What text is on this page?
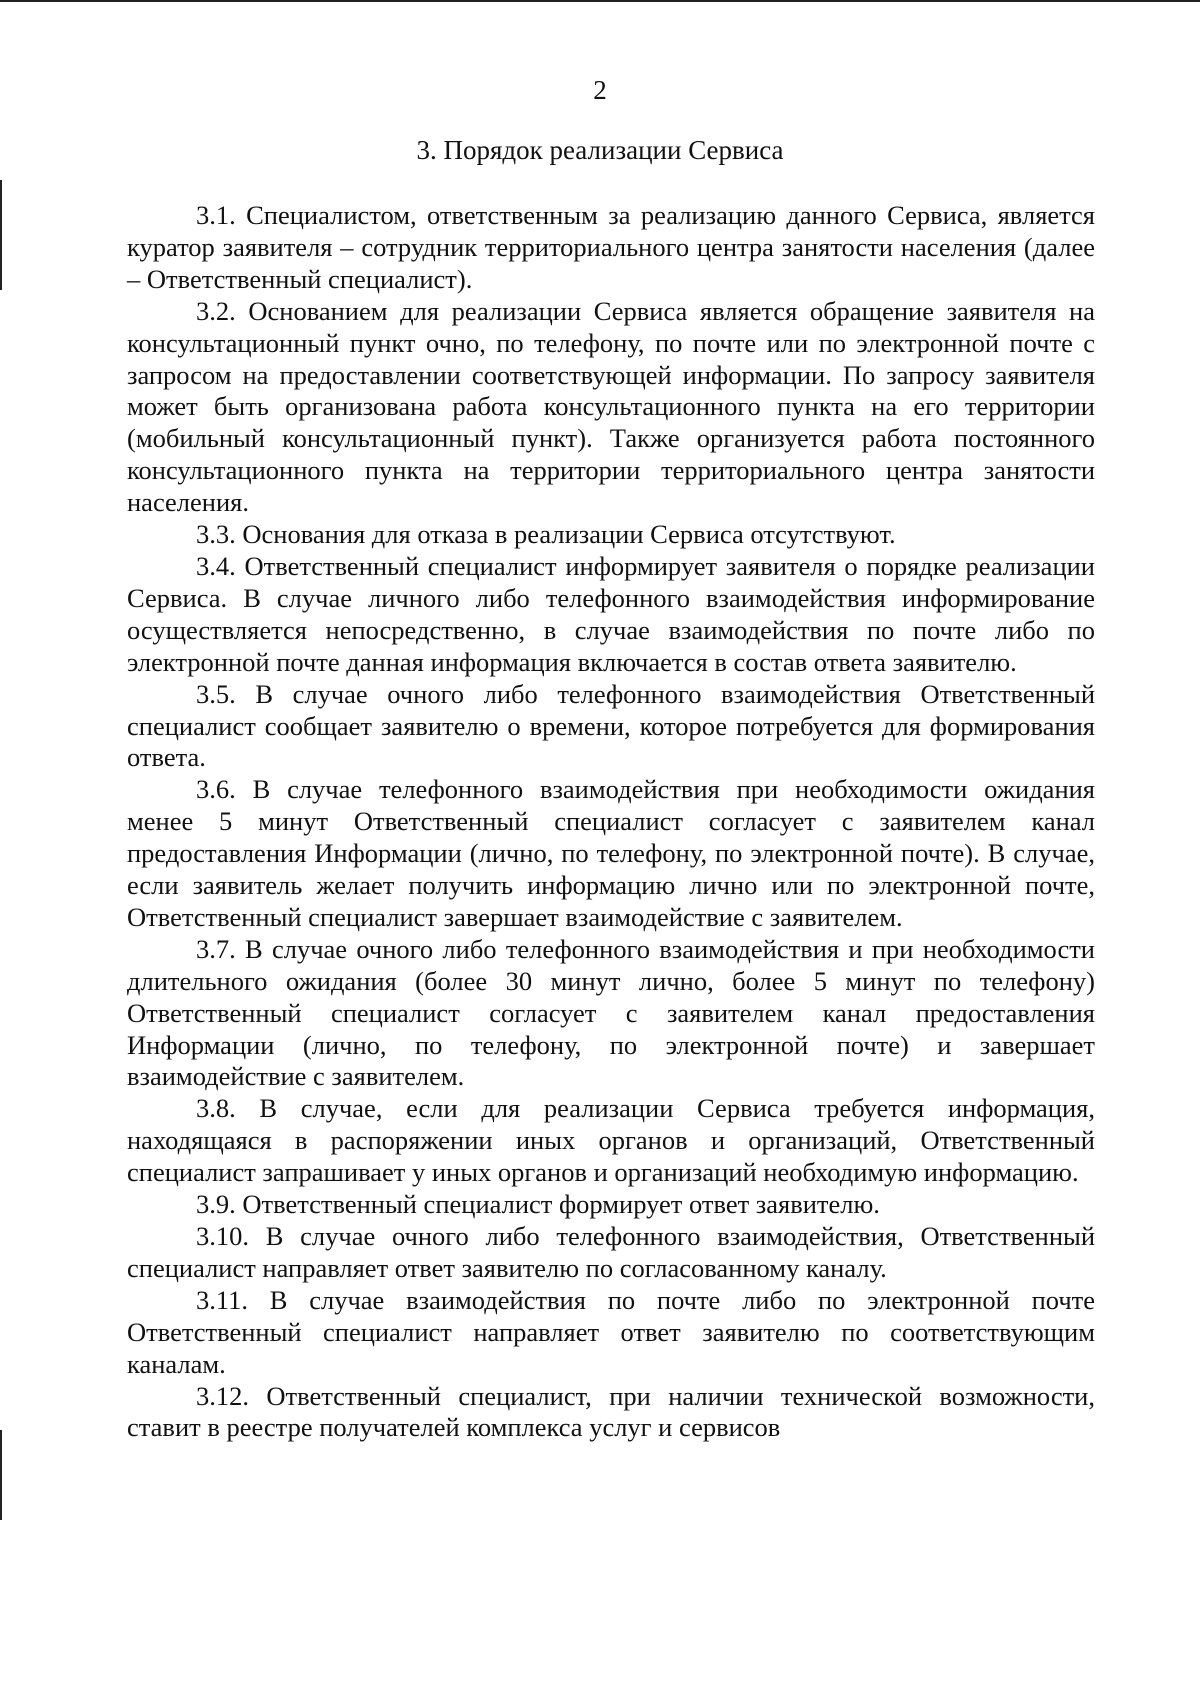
2
3. Порядок реализации Сервиса

3.1. Специалистом, ответственным за реализацию данного Сервиса, является куратор заявителя – сотрудник территориального центра занятости населения (далее – Ответственный специалист).

3.2. Основанием для реализации Сервиса является обращение заявителя на консультационный пункт очно, по телефону, по почте или по электронной почте с запросом на предоставлении соответствующей информации. По запросу заявителя может быть организована работа консультационного пункта на его территории (мобильный консультационный пункт). Также организуется работа постоянного консультационного пункта на территории территориального центра занятости населения.

3.3. Основания для отказа в реализации Сервиса отсутствуют.

3.4. Ответственный специалист информирует заявителя о порядке реализации Сервиса. В случае личного либо телефонного взаимодействия информирование осуществляется непосредственно, в случае взаимодействия по почте либо по электронной почте данная информация включается в состав ответа заявителю.

3.5. В случае очного либо телефонного взаимодействия Ответственный специалист сообщает заявителю о времени, которое потребуется для формирования ответа.

3.6. В случае телефонного взаимодействия при необходимости ожидания менее 5 минут Ответственный специалист согласует с заявителем канал предоставления Информации (лично, по телефону, по электронной почте). В случае, если заявитель желает получить информацию лично или по электронной почте, Ответственный специалист завершает взаимодействие с заявителем.

3.7. В случае очного либо телефонного взаимодействия и при необходимости длительного ожидания (более 30 минут лично, более 5 минут по телефону) Ответственный специалист согласует с заявителем канал предоставления Информации (лично, по телефону, по электронной почте) и завершает взаимодействие с заявителем.

3.8. В случае, если для реализации Сервиса требуется информация, находящаяся в распоряжении иных органов и организаций, Ответственный специалист запрашивает у иных органов и организаций необходимую информацию.

3.9. Ответственный специалист формирует ответ заявителю.

3.10. В случае очного либо телефонного взаимодействия, Ответственный специалист направляет ответ заявителю по согласованному каналу.

3.11. В случае взаимодействия по почте либо по электронной почте Ответственный специалист направляет ответ заявителю по соответствующим каналам.

3.12. Ответственный специалист, при наличии технической возможности, ставит в реестре получателей комплекса услуг и сервисов
